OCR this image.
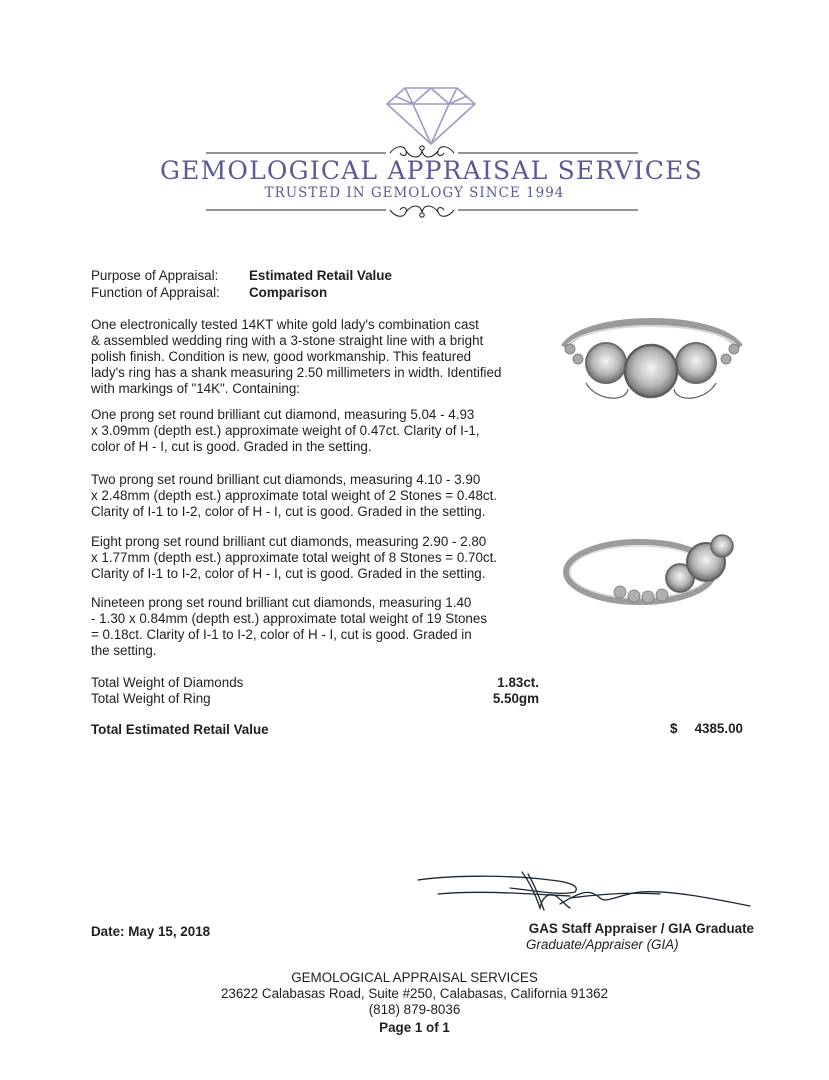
GEMOLOGICAL APPRAISAL SERVICES
TRUSTED IN GEMOLOGY SINCE 1994
Purpose of Appraisal: Estimated Retail Value
Function of Appraisal: Comparison
One electronically tested 14KT white gold lady's combination cast
& assembled wedding ring with a 3-stone straight line with a bright
polish finish. Condition is new, good workmanship. This featured
lady's ring has a shank measuring 2.50 millimeters in width. Identified
with markings of "14K". Containing:
One prong set round brilliant cut diamond, measuring 5.04 - 4.93
x 3.09mm (depth est.) approximate weight of 0.47ct. Clarity of I-1,
color of H - I, cut is good. Graded in the setting.
Two prong set round brilliant cut diamonds, measuring 4.10 - 3.90
x 2.48mm (depth est.) approximate total weight of 2 Stones = 0.48ct.
Clarity of I-1 to I-2, color of H - I, cut is good. Graded in the setting.
Eight prong set round brilliant cut diamonds, measuring 2.90 - 2.80
x 1.77mm (depth est.) approximate total weight of 8 Stones = 0.70ct.
Clarity of I-1 to I-2, color of H - I, cut is good. Graded in the setting.
Nineteen prong set round brilliant cut diamonds, measuring 1.40
- 1.30 x 0.84mm (depth est.) approximate total weight of 19 Stones
= 0.18ct. Clarity of I-1 to I-2, color of H - I, cut is good. Graded in
the setting.
Total Weight of Diamonds	1.83ct.
Total Weight of Ring	5.50gm
Total Estimated Retail Value	$	4385.00
Date: May 15, 2018	GAS Staff Appraiser / GIA Graduate
Graduate/Appraiser (GIA)
GEMOLOGICAL APPRAISAL SERVICES
23622 Calabasas Road, Suite #250, Calabasas, California 91362
(818) 879-8036
Page 1 of 1
